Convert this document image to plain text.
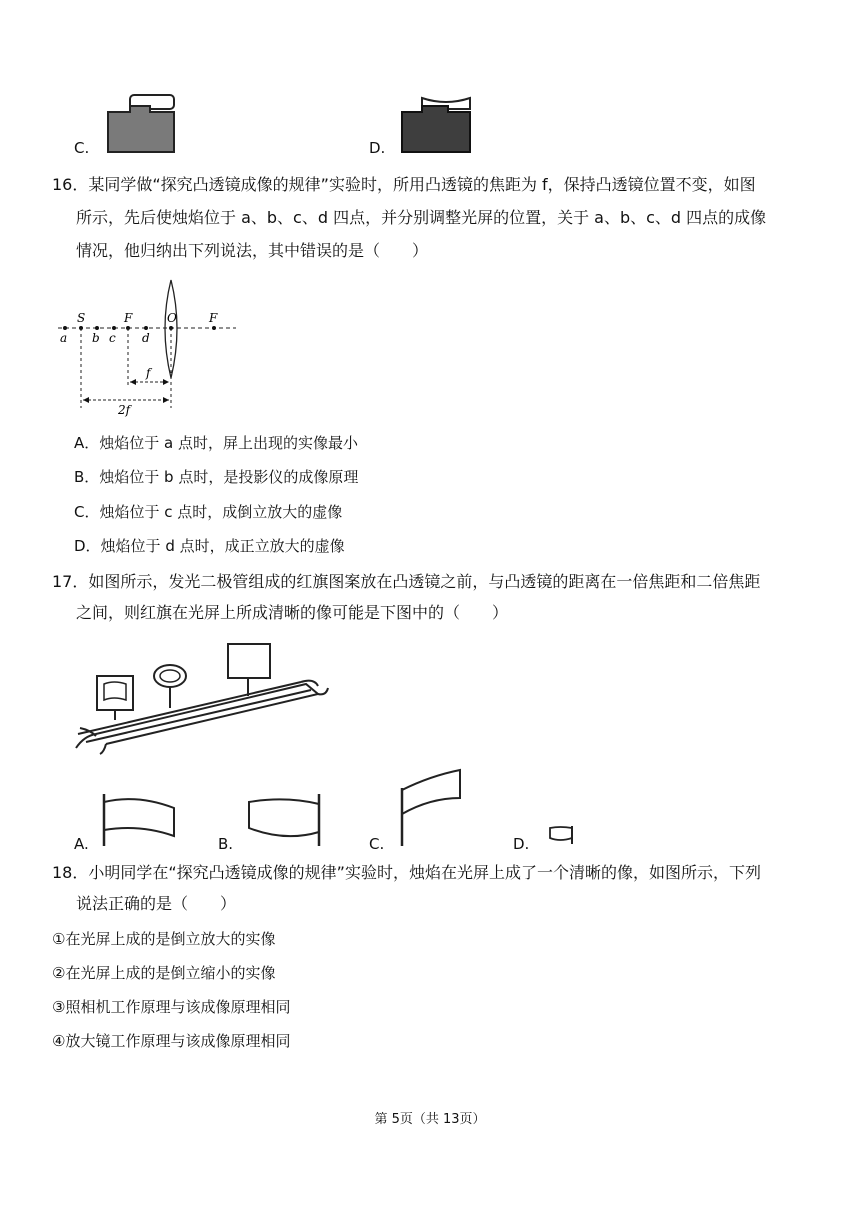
C.	D.
16．某同学做“探究凸透镜成像的规律”实验时，所用凸透镜的焦距为 f，保持凸透镜位置不变，如图
所示，先后使烛焰位于 a、b、c、d 四点，并分别调整光屏的位置，关于 a、b、c、d 四点的成像
情况，他归纳出下列说法，其中错误的是（　　）
S	F	O	F
a b c d
f
2f
A．烛焰位于 a 点时，屏上出现的实像最小
B．烛焰位于 b 点时，是投影仪的成像原理
C．烛焰位于 c 点时，成倒立放大的虚像
D．烛焰位于 d 点时，成正立放大的虚像
17．如图所示，发光二极管组成的红旗图案放在凸透镜之前，与凸透镜的距离在一倍焦距和二倍焦距
之间，则红旗在光屏上所成清晰的像可能是下图中的（　　）
A.	B.	C.	D.
18．小明同学在“探究凸透镜成像的规律”实验时，烛焰在光屏上成了一个清晰的像，如图所示，下列
说法正确的是（　　）
①在光屏上成的是倒立放大的实像
②在光屏上成的是倒立缩小的实像
③照相机工作原理与该成像原理相同
④放大镜工作原理与该成像原理相同
第 5页（共 13页）
